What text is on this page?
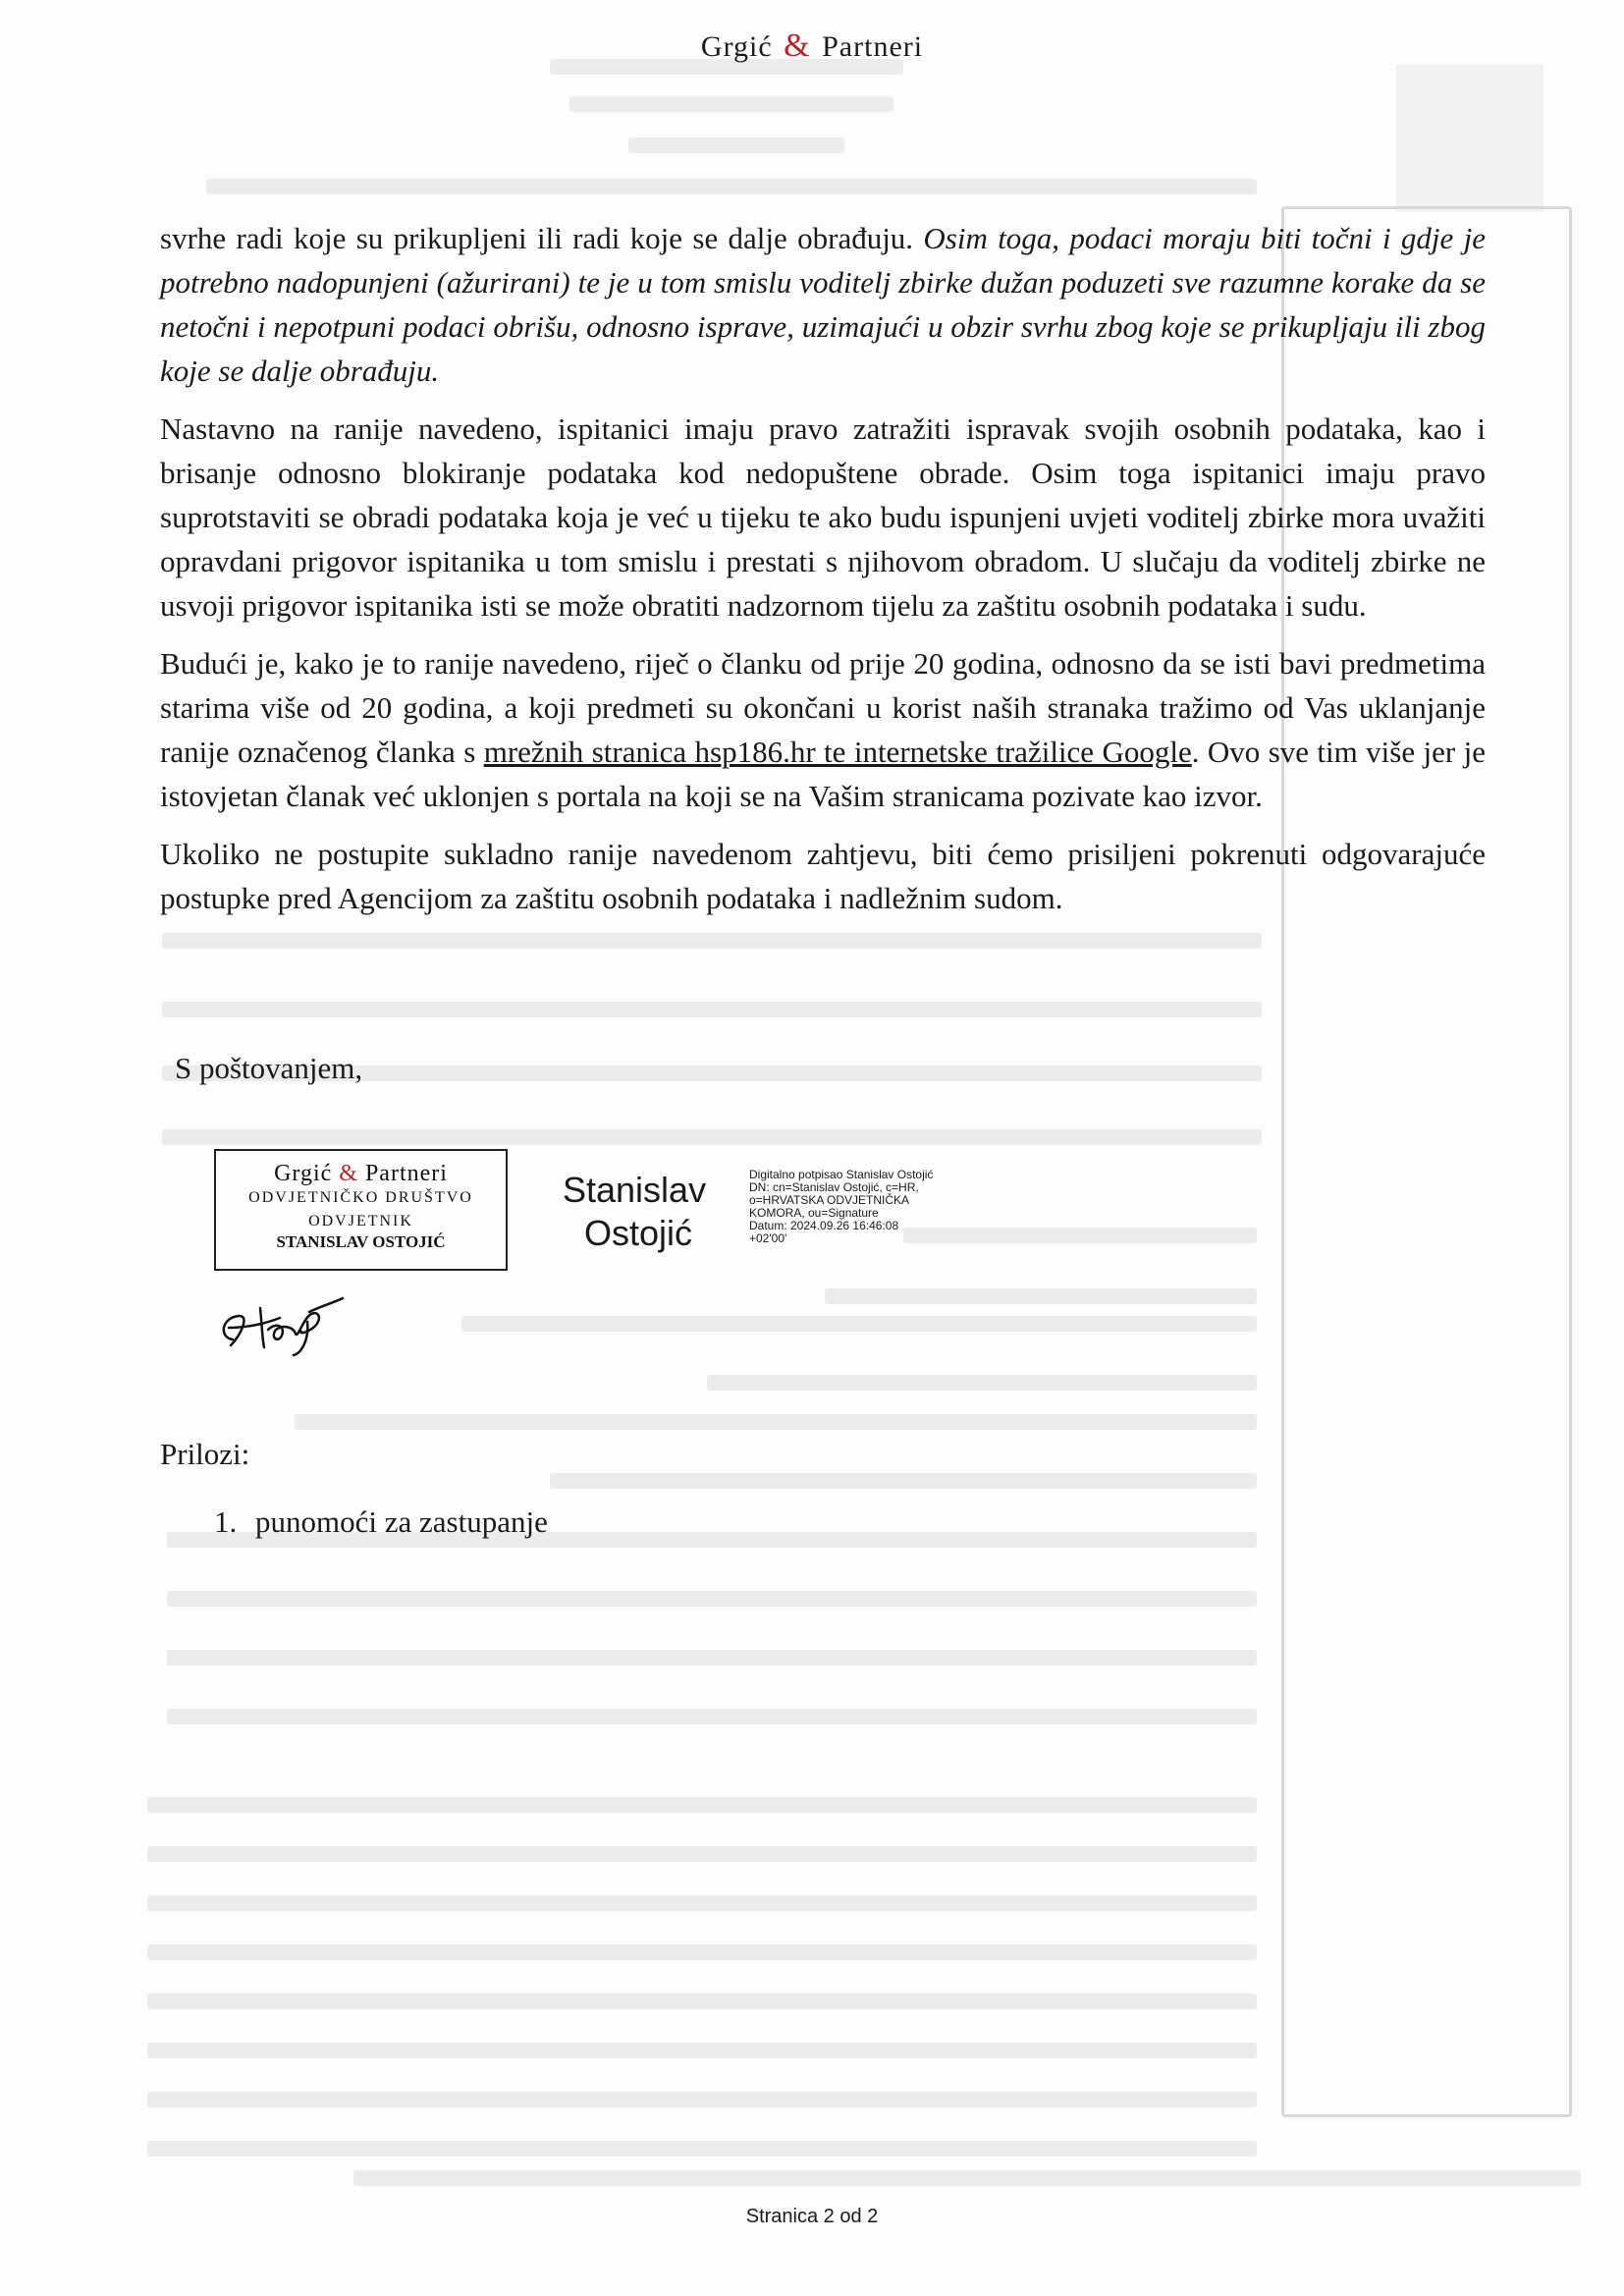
Grgić & Partneri

svrhe radi koje su prikupljeni ili radi koje se dalje obrađuju. Osim toga, podaci moraju biti točni i gdje je potrebno nadopunjeni (ažurirani) te je u tom smislu voditelj zbirke dužan poduzeti sve razumne korake da se netočni i nepotpuni podaci obrišu, odnosno isprave, uzimajući u obzir svrhu zbog koje se prikupljaju ili zbog koje se dalje obrađuju.

Nastavno na ranije navedeno, ispitanici imaju pravo zatražiti ispravak svojih osobnih podataka, kao i brisanje odnosno blokiranje podataka kod nedopuštene obrade. Osim toga ispitanici imaju pravo suprotstaviti se obradi podataka koja je već u tijeku te ako budu ispunjeni uvjeti voditelj zbirke mora uvažiti opravdani prigovor ispitanika u tom smislu i prestati s njihovom obradom. U slučaju da voditelj zbirke ne usvoji prigovor ispitanika isti se može obratiti nadzornom tijelu za zaštitu osobnih podataka i sudu.

Budući je, kako je to ranije navedeno, riječ o članku od prije 20 godina, odnosno da se isti bavi predmetima starima više od 20 godina, a koji predmeti su okončani u korist naših stranaka tražimo od Vas uklanjanje ranije označenog članka s mrežnih stranica hsp186.hr te internetske tražilice Google. Ovo sve tim više jer je istovjetan članak već uklonjen s portala na koji se na Vašim stranicama pozivate kao izvor.

Ukoliko ne postupite sukladno ranije navedenom zahtjevu, biti ćemo prisiljeni pokrenuti odgovarajuće postupke pred Agencijom za zaštitu osobnih podataka i nadležnim sudom.

S poštovanjem,
Grgić & Partneri
ODVJETNIČKO DRUŠTVO
ODVJETNIK
STANISLAV OSTOJIĆ
Stanislav
Ostojić
Digitalno potpisao Stanislav Ostojić
DN: cn=Stanislav Ostojić, c=HR,
o=HRVATSKA ODVJETNIČKA
KOMORA, ou=Signature
Datum: 2024.09.26 16:46:08
+02'00'
Prilozi:
1. punomoći za zastupanje
Stranica 2 od 2
